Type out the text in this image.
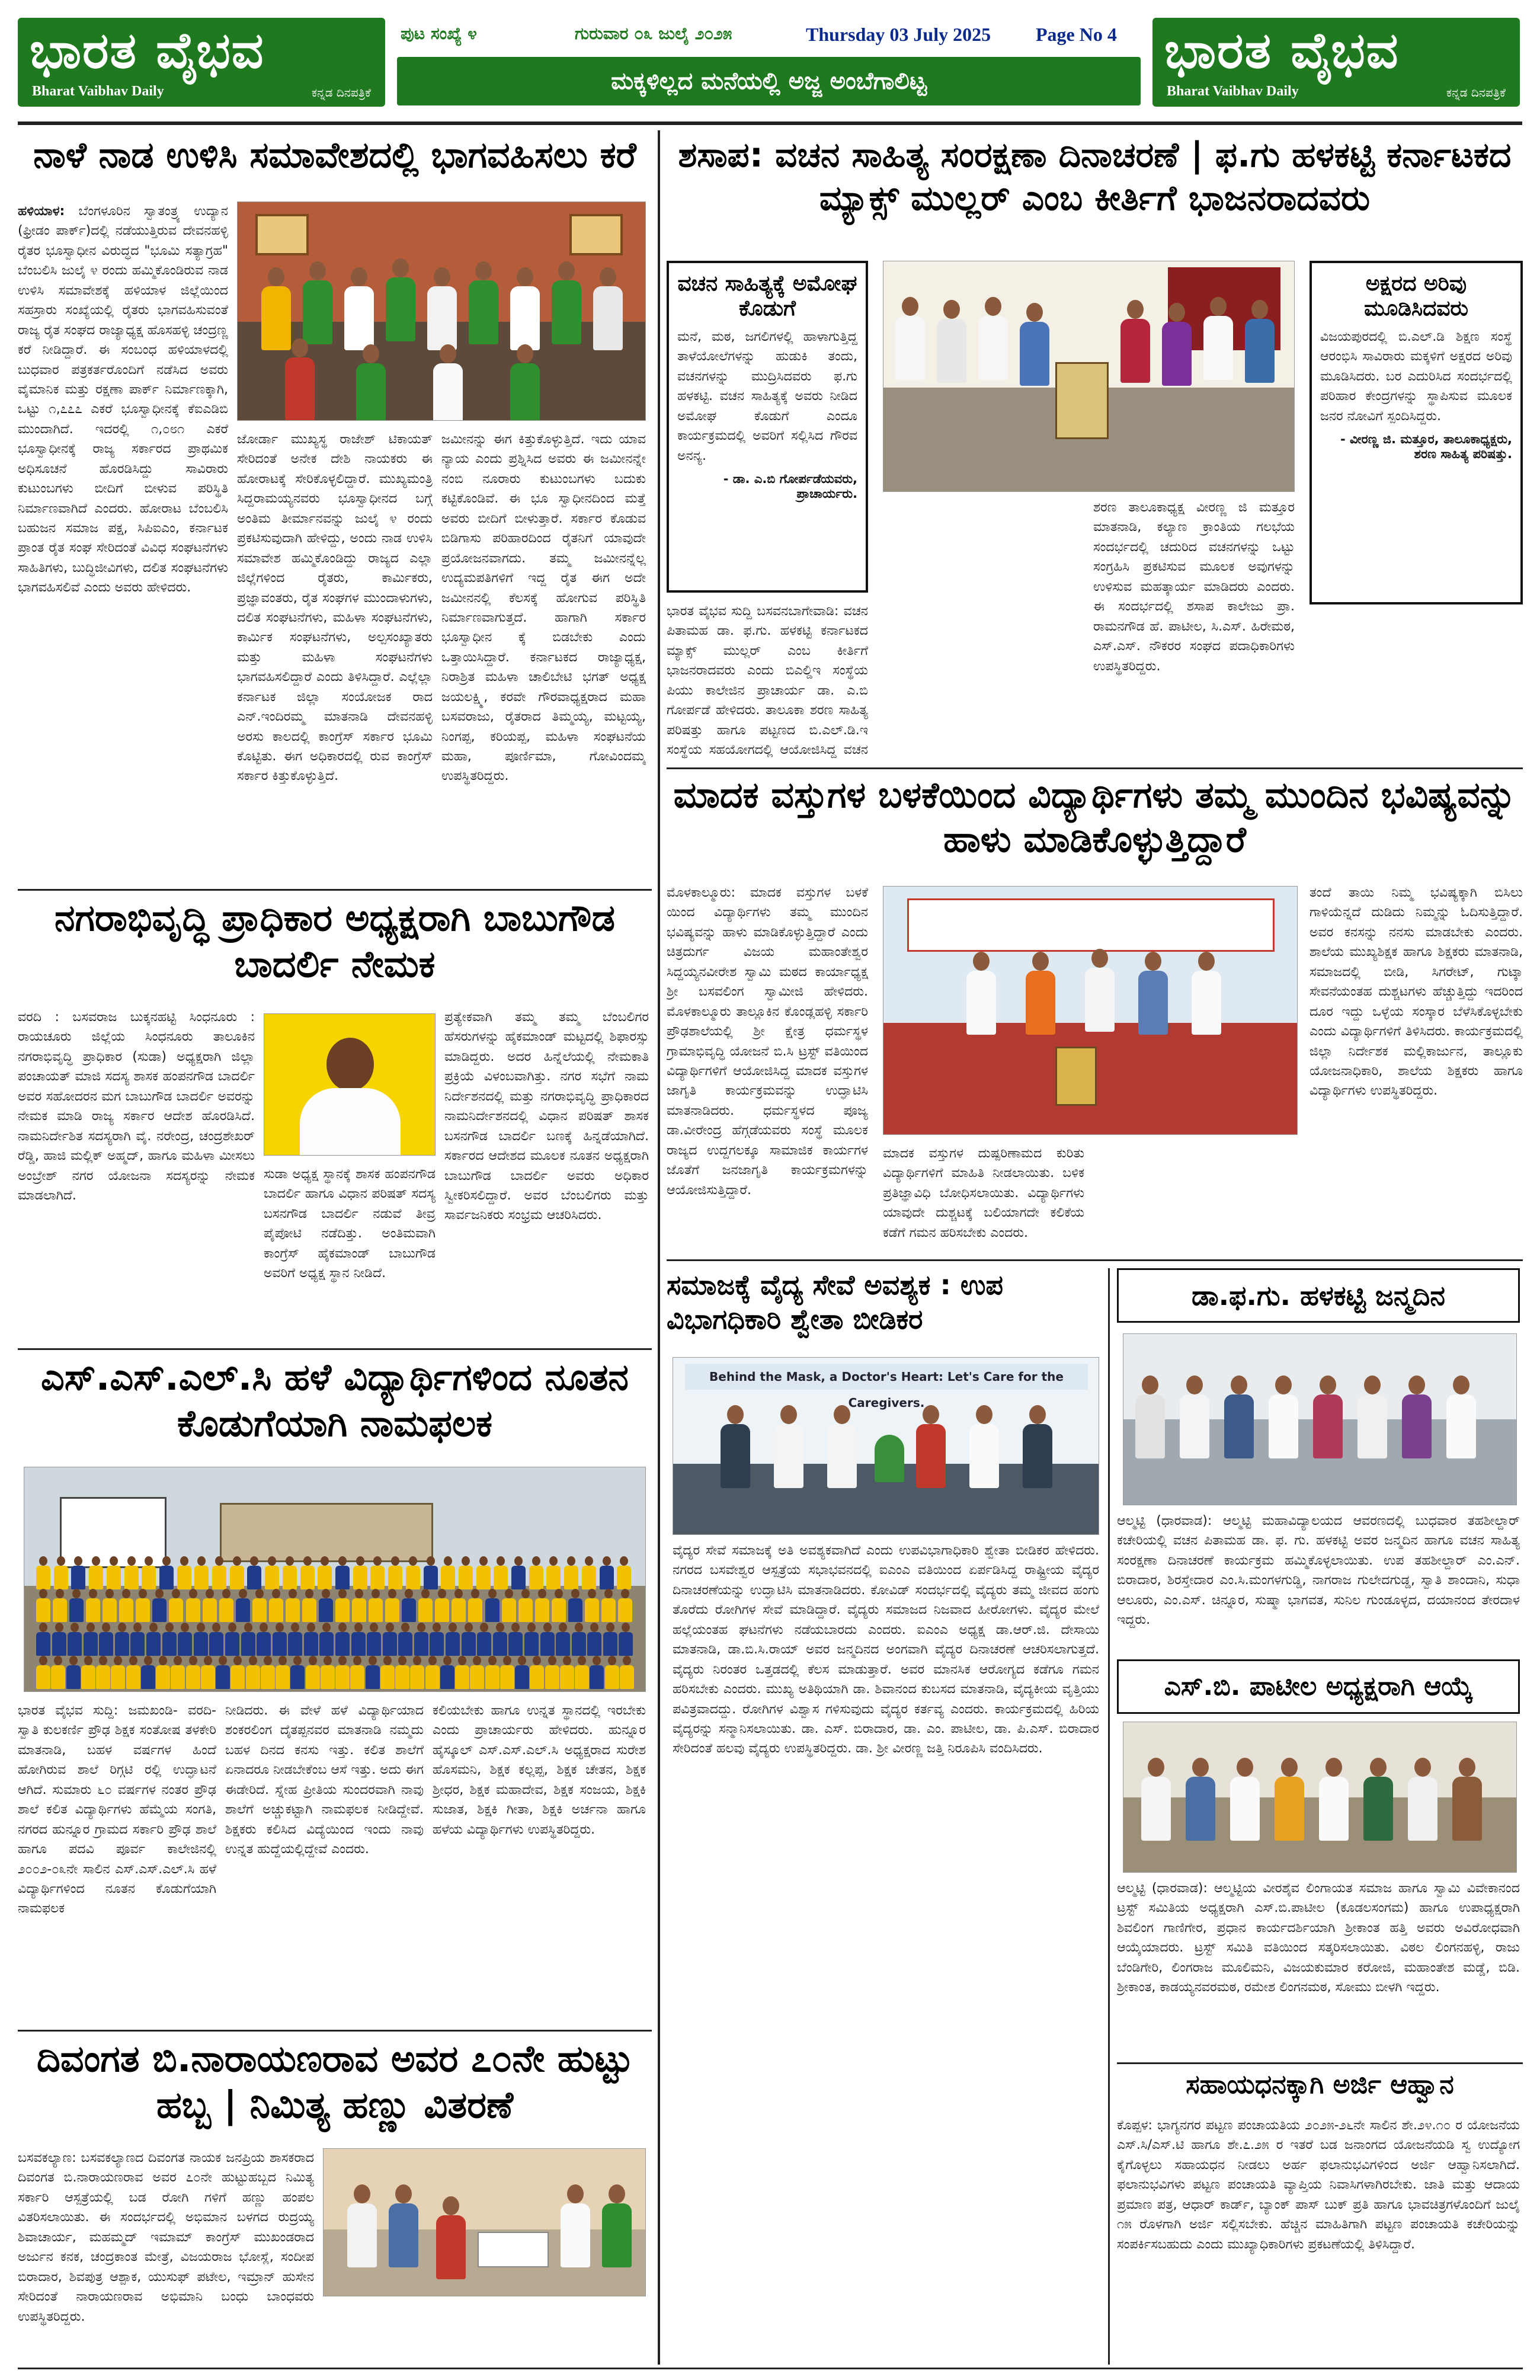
ಭಾರತ ವೈಭವ
Bharat Vaibhav Daily	ಕನ್ನಡ ದಿನಪತ್ರಿಕೆ
ಪುಟ ಸಂಖ್ಯೆ ೪	ಗುರುವಾರ ೦೩ ಜುಲೈ ೨೦೨೫	Thursday 03 July 2025 Page No 4
ಮಕ್ಕಳಿಲ್ಲದ ಮನೆಯಲ್ಲಿ ಅಜ್ಜ ಅಂಬೆಗಾಲಿಟ್ಟ
ಭಾರತ ವೈಭವ
Bharat Vaibhav Daily	ಕನ್ನಡ ದಿನಪತ್ರಿಕೆ
ನಾಳೆ ನಾಡ ಉಳಿಸಿ ಸಮಾವೇಶದಲ್ಲಿ ಭಾಗವಹಿಸಲು ಕರೆ
ಹಳಿಯಾಳ: ಬೆಂಗಳೂರಿನ ಸ್ವಾತಂತ್ರ್ಯ ಉದ್ಯಾನ (ಫ್ರೀಡಂ ಪಾರ್ಕ್)ದಲ್ಲಿ ನಡೆಯುತ್ತಿರುವ ದೇವನಹಳ್ಳಿ ರೈತರ ಭೂಸ್ವಾಧೀನ ವಿರುದ್ಧದ "ಭೂಮಿ ಸತ್ಯಾಗ್ರಹ" ಬೆಂಬಲಿಸಿ ಜುಲೈ ೪ ರಂದು ಹಮ್ಮಿಕೊಂಡಿರುವ ನಾಡ ಉಳಿಸಿ ಸಮಾವೇಶಕ್ಕೆ ಹಳಿಯಾಳ ಜಿಲ್ಲೆಯಿಂದ ಸಹಸ್ರಾರು ಸಂಖ್ಯೆಯಲ್ಲಿ ರೈತರು ಭಾಗವಹಿಸುವಂತೆ ರಾಜ್ಯ ರೈತ ಸಂಘದ ರಾಜ್ಯಾಧ್ಯಕ್ಷ ಹೊಸಹಳ್ಳಿ ಚಂದ್ರಣ್ಣ ಕರೆ ನೀಡಿದ್ದಾರೆ. ಈ ಸಂಬಂಧ ಹಳಿಯಾಳದಲ್ಲಿ ಬುಧವಾರ ಪತ್ರಕರ್ತರೊಂದಿಗೆ ನಡೆಸಿದ ಅವರು ವೈಮಾನಿಕ ಮತ್ತು ರಕ್ಷಣಾ ಪಾರ್ಕ್ ನಿರ್ಮಾಣಕ್ಕಾಗಿ, ಒಟ್ಟು ೧,೭೭೭ ಎಕರೆ ಭೂಸ್ವಾಧೀನಕ್ಕೆ ಕೆಐಎಡಿಬಿ ಮುಂದಾಗಿದೆ. ಇದರಲ್ಲಿ ೧,೦೮೧ ಎಕರೆ ಭೂಸ್ವಾಧೀನಕ್ಕೆ ರಾಜ್ಯ ಸರ್ಕಾರದ ಪ್ರಾಥಮಿಕ ಅಧಿಸೂಚನೆ ಹೊರಡಿಸಿದ್ದು ಸಾವಿರಾರು ಕುಟುಂಬಗಳು ಬೀದಿಗೆ ಬೀಳುವ ಪರಿಸ್ಥಿತಿ ನಿರ್ಮಾಣವಾಗಿದೆ ಎಂದರು. ಹೋರಾಟ ಬೆಂಬಲಿಸಿ ಬಹುಜನ ಸಮಾಜ ಪಕ್ಷ, ಸಿಪಿಐಎಂ, ಕರ್ನಾಟಕ ಪ್ರಾಂತ ರೈತ ಸಂಘ ಸೇರಿದಂತೆ ವಿವಿಧ ಸಂಘಟನೆಗಳು ಸಾಹಿತಿಗಳು, ಬುದ್ಧಿಜೀವಿಗಳು, ದಲಿತ ಸಂಘಟನೆಗಳು ಭಾಗವಹಿಸಲಿವೆ ಎಂದು ಅವರು ಹೇಳಿದರು.
ಜೋರ್ಡಾ ಮುಖ್ಯಸ್ಥ ರಾಜೇಶ್ ಟಿಕಾಯತ್ ಸೇರಿದಂತೆ ಅನೇಕ ದೇಶಿ ನಾಯಕರು ಈ ಹೋರಾಟಕ್ಕೆ ಸೇರಿಕೊಳ್ಳಲಿದ್ದಾರೆ. ಮುಖ್ಯಮಂತ್ರಿ ಸಿದ್ದರಾಮಯ್ಯನವರು ಭೂಸ್ವಾಧೀನದ ಬಗ್ಗೆ ಅಂತಿಮ ತೀರ್ಮಾನವನ್ನು ಜುಲೈ ೪ ರಂದು ಪ್ರಕಟಿಸುವುದಾಗಿ ಹೇಳಿದ್ದು, ಅಂದು ನಾಡ ಉಳಿಸಿ ಸಮಾವೇಶ ಹಮ್ಮಿಕೊಂಡಿದ್ದು ರಾಜ್ಯದ ಎಲ್ಲಾ ಜಿಲ್ಲೆಗಳಿಂದ ರೈತರು, ಕಾರ್ಮಿಕರು, ಪ್ರಜ್ಞಾವಂತರು, ರೈತ ಸಂಘಗಳ ಮುಂದಾಳುಗಳು, ದಲಿತ ಸಂಘಟನೆಗಳು, ಮಹಿಳಾ ಸಂಘಟನೆಗಳು, ಕಾರ್ಮಿಕ ಸಂಘಟನೆಗಳು, ಅಲ್ಪಸಂಖ್ಯಾತರು ಮತ್ತು ಮಹಿಳಾ ಸಂಘಟನೆಗಳು ಭಾಗವಹಿಸಲಿದ್ದಾರೆ ಎಂದು ತಿಳಿಸಿದ್ದಾರೆ. ಎಲ್ಲೆಲ್ಲಾ ಕರ್ನಾಟಕ ಜಿಲ್ಲಾ ಸಂಯೋಜಕ ರಾದ ಎನ್.ಇಂದಿರಮ್ಮ ಮಾತನಾಡಿ ದೇವನಹಳ್ಳಿ ಅರಸು ಕಾಲದಲ್ಲಿ ಕಾಂಗ್ರೆಸ್ ಸರ್ಕಾರ ಭೂಮಿ ಕೊಟ್ಟಿತು. ಈಗ ಅಧಿಕಾರದಲ್ಲಿ ರುವ ಕಾಂಗ್ರೆಸ್ ಸರ್ಕಾರ ಕಿತ್ತುಕೊಳ್ಳುತ್ತಿದೆ.
ಜಮೀನನ್ನು ಈಗ ಕಿತ್ತುಕೊಳ್ಳುತ್ತಿದೆ. ಇದು ಯಾವ ನ್ಯಾಯ ಎಂದು ಪ್ರಶ್ನಿಸಿದ ಅವರು ಈ ಜಮೀನನ್ನೇ ನಂಬಿ ನೂರಾರು ಕುಟುಂಬಗಳು ಬದುಕು ಕಟ್ಟಿಕೊಂಡಿವೆ. ಈ ಭೂ ಸ್ವಾಧೀನದಿಂದ ಮತ್ತೆ ಅವರು ಬೀದಿಗೆ ಬೀಳುತ್ತಾರೆ. ಸರ್ಕಾರ ಕೊಡುವ ಬಿಡಿಗಾಸು ಪರಿಹಾರದಿಂದ ರೈತನಿಗೆ ಯಾವುದೇ ಪ್ರಯೋಜನವಾಗದು. ತಮ್ಮ ಜಮೀನನ್ನೆಲ್ಲ ಉದ್ಯಮಪತಿಗಳಿಗೆ ಇದ್ದ ರೈತ ಈಗ ಅದೇ ಜಮೀನನಲ್ಲಿ ಕೆಲಸಕ್ಕೆ ಹೋಗುವ ಪರಿಸ್ಥಿತಿ ನಿರ್ಮಾಣವಾಗುತ್ತದೆ. ಹಾಗಾಗಿ ಸರ್ಕಾರ ಭೂಸ್ವಾಧೀನ ಕ್ಕೆ ಬಿಡಬೇಕು ಎಂದು ಒತ್ತಾಯಿಸಿದ್ದಾರೆ. ಕರ್ನಾಟಕದ ರಾಜ್ಯಾಧ್ಯಕ್ಷ, ನಿರಾಶ್ರಿತ ಮಹಿಳಾ ಚಾಲಿಬೇಟಿ ಭಗತ್ ಅಧ್ಯಕ್ಷ ಜಯಲಕ್ಷ್ಮಿ, ಕರವೇ ಗೌರವಾಧ್ಯಕ್ಷರಾದ ಮಹಾ ಬಸವರಾಜು, ರೈತರಾದ ತಿಮ್ಮಯ್ಯ, ಮಟ್ಟಯ್ಯ, ನಿಂಗಪ್ಪ, ಕರಿಯಪ್ಪ, ಮಹಿಳಾ ಸಂಘಟನೆಯ ಮಹಾ, ಪೂರ್ಣಿಮಾ, ಗೋವಿಂದಮ್ಮ ಉಪಸ್ಥಿತರಿದ್ದರು.
ನಗರಾಭಿವೃದ್ಧಿ ಪ್ರಾಧಿಕಾರ ಅಧ್ಯಕ್ಷರಾಗಿ ಬಾಬುಗೌಡ ಬಾದರ್ಲಿ ನೇಮಕ
ವರದಿ : ಬಸವರಾಜ ಬುಕ್ಕನಹಟ್ಟಿ ಸಿಂಧನೂರು : ರಾಯಚೂರು ಜಿಲ್ಲೆಯ ಸಿಂಧನೂರು ತಾಲೂಕಿನ ನಗರಾಭಿವೃದ್ಧಿ ಪ್ರಾಧಿಕಾರ (ಸುಡಾ) ಅಧ್ಯಕ್ಷರಾಗಿ ಜಿಲ್ಲಾ ಪಂಚಾಯತ್ ಮಾಜಿ ಸದಸ್ಯ ಶಾಸಕ ಹಂಪನಗೌಡ ಬಾದರ್ಲಿ ಅವರ ಸಹೋದರನ ಮಗ ಬಾಬುಗೌಡ ಬಾದರ್ಲಿ ಅವರನ್ನು ನೇಮಕ ಮಾಡಿ ರಾಜ್ಯ ಸರ್ಕಾರ ಆದೇಶ ಹೊರಡಿಸಿದೆ. ನಾಮನಿರ್ದೇಶಿತ ಸದಸ್ಯರಾಗಿ ವೈ. ನರೇಂದ್ರ, ಚಂದ್ರಶೇಖರ್ ರೆಡ್ಡಿ, ಹಾಜಿ ಮಲ್ಲಿಕ್ ಅಹ್ಮದ್, ಹಾಗೂ ಮಹಿಳಾ ಮೀಸಲು ಅಂಬ್ರೇಶ್ ನಗರ ಯೋಜನಾ ಸದಸ್ಯರನ್ನು ನೇಮಕ ಮಾಡಲಾಗಿದೆ.
ಸುಡಾ ಅಧ್ಯಕ್ಷ ಸ್ಥಾನಕ್ಕೆ ಶಾಸಕ ಹಂಪನಗೌಡ ಬಾದರ್ಲಿ ಹಾಗೂ ವಿಧಾನ ಪರಿಷತ್ ಸದಸ್ಯ ಬಸನಗೌಡ ಬಾದರ್ಲಿ ನಡುವೆ ತೀವ್ರ ಪೈಪೋಟಿ ನಡೆದಿತ್ತು. ಅಂತಿಮವಾಗಿ ಕಾಂಗ್ರೆಸ್ ಹೈಕಮಾಂಡ್ ಬಾಬುಗೌಡ ಅವರಿಗೆ ಅಧ್ಯಕ್ಷ ಸ್ಥಾನ ನೀಡಿದೆ.
ಪ್ರತ್ಯೇಕವಾಗಿ ತಮ್ಮ ತಮ್ಮ ಬೆಂಬಲಿಗರ ಹೆಸರುಗಳನ್ನು ಹೈಕಮಾಂಡ್ ಮಟ್ಟದಲ್ಲಿ ಶಿಫಾರಸ್ಸು ಮಾಡಿದ್ದರು. ಅದರ ಹಿನ್ನೆಲೆಯಲ್ಲಿ ನೇಮಕಾತಿ ಪ್ರಕ್ರಿಯೆ ವಿಳಂಬವಾಗಿತ್ತು. ನಗರ ಸಭೆಗೆ ನಾಮ ನಿರ್ದೇಶನದಲ್ಲಿ ಮತ್ತು ನಗರಾಭಿವೃದ್ಧಿ ಪ್ರಾಧಿಕಾರದ ನಾಮನಿರ್ದೇಶನದಲ್ಲಿ ವಿಧಾನ ಪರಿಷತ್ ಶಾಸಕ ಬಸನಗೌಡ ಬಾದರ್ಲಿ ಬಣಕ್ಕೆ ಹಿನ್ನಡೆಯಾಗಿದೆ. ಸರ್ಕಾರದ ಆದೇಶದ ಮೂಲಕ ನೂತನ ಅಧ್ಯಕ್ಷರಾಗಿ ಬಾಬುಗೌಡ ಬಾದರ್ಲಿ ಅವರು ಅಧಿಕಾರ ಸ್ವೀಕರಿಸಲಿದ್ದಾರೆ. ಅವರ ಬೆಂಬಲಿಗರು ಮತ್ತು ಸಾರ್ವಜನಿಕರು ಸಂಭ್ರಮ ಆಚರಿಸಿದರು.
ಎಸ್.ಎಸ್.ಎಲ್.ಸಿ ಹಳೆ ವಿದ್ಯಾರ್ಥಿಗಳಿಂದ ನೂತನ ಕೊಡುಗೆಯಾಗಿ ನಾಮಫಲಕ
ಭಾರತ ವೈಭವ ಸುದ್ದಿ: ಜಮಖಂಡಿ- ವರದಿ- ಸ್ವಾತಿ ಕುಲಕರ್ಣಿ ಪ್ರೌಢ ಶಿಕ್ಷಕ ಸಂತೋಷ ತಳಕೇರಿ ಮಾತನಾಡಿ, ಬಹಳ ವರ್ಷಗಳ ಹಿಂದೆ ಹೋಗಿರುವ ಶಾಲೆ ರಿಗ್ಗಟಿ ರಲ್ಲಿ ಉದ್ಘಾಟನೆ ಆಗಿದೆ. ಸುಮಾರು ೬೦ ವರ್ಷಗಳ ನಂತರ ಪ್ರೌಢ ಶಾಲೆ ಕಲಿತ ವಿದ್ಯಾರ್ಥಿಗಳು ಹೆಮ್ಮೆಯ ಸಂಗತಿ, ನಗರದ ಹುನ್ನೂರ ಗ್ರಾಮದ ಸರ್ಕಾರಿ ಪ್ರೌಢ ಶಾಲೆ ಹಾಗೂ ಪದವಿ ಪೂರ್ವ ಕಾಲೇಜಿನಲ್ಲಿ ೨೦೦೨-೦೩ನೇ ಸಾಲಿನ ಎಸ್.ಎಸ್.ಎಲ್.ಸಿ ಹಳೆ ವಿದ್ಯಾರ್ಥಿಗಳಿಂದ ನೂತನ ಕೊಡುಗೆಯಾಗಿ ನಾಮಫಲಕ
ನೀಡಿದರು. ಈ ವೇಳೆ ಹಳೆ ವಿದ್ಯಾರ್ಥಿಯಾದ ಶಂಕರಲಿಂಗ ದೈತಪ್ಪನವರ ಮಾತನಾಡಿ ನಮ್ಮದು ಬಹಳ ದಿನದ ಕನಸು ಇತ್ತು. ಕಲಿತ ಶಾಲೆಗೆ ಏನಾದರೂ ನೀಡಬೇಕೆಂಬ ಆಸೆ ಇತ್ತು. ಅದು ಈಗ ಈಡೇರಿದೆ. ಸ್ನೇಹ ಪ್ರೀತಿಯ ಸುಂದರವಾಗಿ ನಾವು ಶಾಲೆಗೆ ಅಚ್ಚುಕಟ್ಟಾಗಿ ನಾಮಫಲಕ ನೀಡಿದ್ದೇವೆ. ಶಿಕ್ಷಕರು ಕಲಿಸಿದ ವಿದ್ಯೆಯಿಂದ ಇಂದು ನಾವು ಉನ್ನತ ಹುದ್ದೆಯಲ್ಲಿದ್ದೇವೆ ಎಂದರು.
ಕಲಿಯಬೇಕು ಹಾಗೂ ಉನ್ನತ ಸ್ಥಾನದಲ್ಲಿ ಇರಬೇಕು ಎಂದು ಪ್ರಾಚಾರ್ಯರು ಹೇಳಿದರು. ಹುನ್ನೂರ ಹೈಸ್ಕೂಲ್ ಎಸ್.ಎಸ್.ಎಲ್.ಸಿ ಅಧ್ಯಕ್ಷರಾದ ಸುರೇಶ ಹೊಸಮನಿ, ಶಿಕ್ಷಕ ಕಲ್ಲಪ್ಪ, ಶಿಕ್ಷಕ ಚೇತನ, ಶಿಕ್ಷಕ ಶ್ರೀಧರ, ಶಿಕ್ಷಕ ಮಹಾದೇವ, ಶಿಕ್ಷಕ ಸಂಜಯ, ಶಿಕ್ಷಕಿ ಸುಜಾತ, ಶಿಕ್ಷಕಿ ಗೀತಾ, ಶಿಕ್ಷಕಿ ಅರ್ಚನಾ ಹಾಗೂ ಹಳೆಯ ವಿದ್ಯಾರ್ಥಿಗಳು ಉಪಸ್ಥಿತರಿದ್ದರು.
ದಿವಂಗತ ಬಿ.ನಾರಾಯಣರಾವ ಅವರ ೭೦ನೇ ಹುಟ್ಟು ಹಬ್ಬ | ನಿಮಿತ್ಯ ಹಣ್ಣು ವಿತರಣೆ
ಬಸವಕಲ್ಯಾಣ: ಬಸವಕಲ್ಯಾಣದ ದಿವಂಗತ ನಾಯಕ ಜನಪ್ರಿಯ ಶಾಸಕರಾದ ದಿವಂಗತ ಬಿ.ನಾರಾಯಣರಾವ ಅವರ ೭೦ನೇ ಹುಟ್ಟುಹಬ್ಬದ ನಿಮಿತ್ಯ ಸರ್ಕಾರಿ ಆಸ್ಪತ್ರೆಯಲ್ಲಿ ಬಡ ರೋಗಿ ಗಳಿಗೆ ಹಣ್ಣು ಹಂಪಲ ವಿತರಿಸಲಾಯಿತು. ಈ ಸಂದರ್ಭದಲ್ಲಿ ಅಭಿಮಾನ ಬಳಗದ ರುದ್ರಯ್ಯ ಶಿವಾಚಾರ್ಯ, ಮಹಮ್ಮದ್ ಇಮಾಮ್ ಕಾಂಗ್ರೆಸ್ ಮುಖಂಡರಾದ ಅರ್ಜುನ ಕನಕ, ಚಂದ್ರಕಾಂತ ಮೇತ್ರೆ, ವಿಜಯರಾಜ ಭೋಸ್ಲೆ, ಸಂದೀಪ ಬಿರಾದಾರ, ಶಿವಪುತ್ರ ಆಶ್ಪಾಕ, ಯುಸುಫ್ ಪಟೇಲ, ಇಮ್ರಾನ್ ಹುಸೇನ ಸೇರಿದಂತೆ ನಾರಾಯಣರಾವ ಅಭಿಮಾನಿ ಬಂಧು ಬಾಂಧವರು ಉಪಸ್ಥಿತರಿದ್ದರು.
ಶಸಾಪ: ವಚನ ಸಾಹಿತ್ಯ ಸಂರಕ್ಷಣಾ ದಿನಾಚರಣೆ | ಫ.ಗು ಹಳಕಟ್ಟಿ ಕರ್ನಾಟಕದ ಮ್ಯಾಕ್ಸ್ ಮುಲ್ಲರ್ ಎಂಬ ಕೀರ್ತಿಗೆ ಭಾಜನರಾದವರು
ವಚನ ಸಾಹಿತ್ಯಕ್ಕೆ ಅಮೋಘ ಕೊಡುಗೆ
ಮನೆ, ಮಠ, ಜಗಲಿಗಳಲ್ಲಿ ಹಾಳಾಗುತ್ತಿದ್ದ ತಾಳೆಯೋಲೆಗಳನ್ನು ಹುಡುಕಿ ತಂದು, ವಚನಗಳನ್ನು ಮುದ್ರಿಸಿದವರು ಫ.ಗು ಹಳಕಟ್ಟಿ. ವಚನ ಸಾಹಿತ್ಯಕ್ಕೆ ಅವರು ನೀಡಿದ ಅಮೋಘ ಕೊಡುಗೆ ಎಂದೂ ಕಾರ್ಯಕ್ರಮದಲ್ಲಿ ಅವರಿಗೆ ಸಲ್ಲಿಸಿದ ಗೌರವ ಅನನ್ಯ.
- ಡಾ. ಎ.ಬಿ ಗೋರ್ಪಡೆಯವರು, ಪ್ರಾಚಾರ್ಯರು.
ಅಕ್ಷರದ ಅರಿವು ಮೂಡಿಸಿದವರು
ವಿಜಯಪುರದಲ್ಲಿ ಬಿ.ಎಲ್.ಡಿ ಶಿಕ್ಷಣ ಸಂಸ್ಥೆ ಆರಂಭಿಸಿ ಸಾವಿರಾರು ಮಕ್ಕಳಿಗೆ ಅಕ್ಷರದ ಅರಿವು ಮೂಡಿಸಿದರು. ಬರ ಎದುರಿಸಿದ ಸಂದರ್ಭದಲ್ಲಿ ಪರಿಹಾರ ಕೇಂದ್ರಗಳನ್ನು ಸ್ಥಾಪಿಸುವ ಮೂಲಕ ಜನರ ನೋವಿಗೆ ಸ್ಪಂದಿಸಿದ್ದರು.
- ವೀರಣ್ಣ ಜಿ. ಮತ್ತೂರ, ತಾಲೂಕಾಧ್ಯಕ್ಷರು, ಶರಣ ಸಾಹಿತ್ಯ ಪರಿಷತ್ತು.
ಭಾರತ ವೈಭವ ಸುದ್ದಿ ಬಸವನಬಾಗೇವಾಡಿ: ವಚನ ಪಿತಾಮಹ ಡಾ. ಫ.ಗು. ಹಳಕಟ್ಟಿ ಕರ್ನಾಟಕದ ಮ್ಯಾಕ್ಸ್ ಮುಲ್ಲರ್ ಎಂಬ ಕೀರ್ತಿಗೆ ಭಾಜನರಾದವರು ಎಂದು ಬಿಎಲ್ಡಿಇ ಸಂಸ್ಥೆಯ ಪಿಯು ಕಾಲೇಜಿನ ಪ್ರಾಚಾರ್ಯ ಡಾ. ಎ.ಬಿ ಗೋರ್ಪಡೆ ಹೇಳಿದರು. ತಾಲೂಕಾ ಶರಣ ಸಾಹಿತ್ಯ ಪರಿಷತ್ತು ಹಾಗೂ ಪಟ್ಟಣದ ಬಿ.ಎಲ್.ಡಿ.ಇ ಸಂಸ್ಥೆಯ ಸಹಯೋಗದಲ್ಲಿ ಆಯೋಜಿಸಿದ್ದ ವಚನ
ಶರಣ ತಾಲೂಕಾಧ್ಯಕ್ಷ ವೀರಣ್ಣ ಜಿ ಮತ್ತೂರ ಮಾತನಾಡಿ, ಕಲ್ಯಾಣ ಕ್ರಾಂತಿಯ ಗಲಭೆಯ ಸಂದರ್ಭದಲ್ಲಿ ಚದುರಿದ ವಚನಗಳನ್ನು ಒಟ್ಟು ಸಂಗ್ರಹಿಸಿ ಪ್ರಕಟಿಸುವ ಮೂಲಕ ಅವುಗಳನ್ನು ಉಳಿಸುವ ಮಹತ್ಕಾರ್ಯ ಮಾಡಿದರು ಎಂದರು. ಈ ಸಂದರ್ಭದಲ್ಲಿ ಶಸಾಪ ಕಾಲೇಜು ಪ್ರಾ. ರಾಮನಗೌಡ ಹೆ. ಪಾಟೀಲ, ಸಿ.ಎಸ್. ಹಿರೇಮಠ, ಎಸ್.ಎಸ್. ನೌಕರರ ಸಂಘದ ಪದಾಧಿಕಾರಿಗಳು ಉಪಸ್ಥಿತರಿದ್ದರು.
ಮಾದಕ ವಸ್ತುಗಳ ಬಳಕೆಯಿಂದ ವಿದ್ಯಾರ್ಥಿಗಳು ತಮ್ಮ ಮುಂದಿನ ಭವಿಷ್ಯವನ್ನು ಹಾಳು ಮಾಡಿಕೊಳ್ಳುತ್ತಿದ್ದಾರೆ
ಮೊಳಕಾಲ್ಮೂರು: ಮಾದಕ ವಸ್ತುಗಳ ಬಳಕೆ ಯಿಂದ ವಿದ್ಯಾರ್ಥಿಗಳು ತಮ್ಮ ಮುಂದಿನ ಭವಿಷ್ಯವನ್ನು ಹಾಳು ಮಾಡಿಕೊಳ್ಳುತ್ತಿದ್ದಾರೆ ಎಂದು ಚಿತ್ರದುರ್ಗ ವಿಜಯ ಮಹಾಂತೇಶ್ವರ ಸಿದ್ದಯ್ಯನವೀರೇಶ ಸ್ವಾಮಿ ಮಠದ ಕಾರ್ಯಾಧ್ಯಕ್ಷ ಶ್ರೀ ಬಸವಲಿಂಗ ಸ್ವಾಮೀಜಿ ಹೇಳಿದರು. ಮೊಳಕಾಲ್ಮೂರು ತಾಲ್ಲೂಕಿನ ಕೊಂಡ್ಲಹಳ್ಳಿ ಸರ್ಕಾರಿ ಪ್ರೌಢಶಾಲೆಯಲ್ಲಿ ಶ್ರೀ ಕ್ಷೇತ್ರ ಧರ್ಮಸ್ಥಳ ಗ್ರಾಮಾಭಿವೃದ್ಧಿ ಯೋಜನೆ ಬಿ.ಸಿ ಟ್ರಸ್ಟ್ ವತಿಯಿಂದ ವಿದ್ಯಾರ್ಥಿಗಳಿಗೆ ಆಯೋಜಿಸಿದ್ದ ಮಾದಕ ವಸ್ತುಗಳ ಜಾಗೃತಿ ಕಾರ್ಯಕ್ರಮವನ್ನು ಉದ್ಘಾಟಿಸಿ ಮಾತನಾಡಿದರು. ಧರ್ಮಸ್ಥಳದ ಪೂಜ್ಯ ಡಾ.ವೀರೇಂದ್ರ ಹೆಗ್ಗಡೆಯವರು ಸಂಸ್ಥೆ ಮೂಲಕ ರಾಜ್ಯದ ಉದ್ದಗಲಕ್ಕೂ ಸಾಮಾಜಿಕ ಕಾರ್ಯಗಳ ಜೊತೆಗೆ ಜನಜಾಗೃತಿ ಕಾರ್ಯಕ್ರಮಗಳನ್ನು ಆಯೋಜಿಸುತ್ತಿದ್ದಾರೆ.
ಮಾದಕ ವಸ್ತುಗಳ ದುಷ್ಪರಿಣಾಮದ ಕುರಿತು ವಿದ್ಯಾರ್ಥಿಗಳಿಗೆ ಮಾಹಿತಿ ನೀಡಲಾಯಿತು. ಬಳಿಕ ಪ್ರತಿಜ್ಞಾವಿಧಿ ಬೋಧಿಸಲಾಯಿತು. ವಿದ್ಯಾರ್ಥಿಗಳು ಯಾವುದೇ ದುಶ್ಚಟಕ್ಕೆ ಬಲಿಯಾಗದೇ ಕಲಿಕೆಯ ಕಡೆಗೆ ಗಮನ ಹರಿಸಬೇಕು ಎಂದರು.
ತಂದೆ ತಾಯಿ ನಿಮ್ಮ ಭವಿಷ್ಯಕ್ಕಾಗಿ ಬಿಸಿಲು ಗಾಳಿಯೆನ್ನದೆ ದುಡಿದು ನಿಮ್ಮನ್ನು ಓದಿಸುತ್ತಿದ್ದಾರೆ. ಅವರ ಕನಸನ್ನು ನನಸು ಮಾಡಬೇಕು ಎಂದರು. ಶಾಲೆಯ ಮುಖ್ಯಶಿಕ್ಷಕ ಹಾಗೂ ಶಿಕ್ಷಕರು ಮಾತನಾಡಿ, ಸಮಾಜದಲ್ಲಿ ಬೀಡಿ, ಸಿಗರೇಟ್, ಗುಟ್ಕಾ ಸೇವನೆಯಂತಹ ದುಶ್ಚಟಗಳು ಹೆಚ್ಚುತ್ತಿದ್ದು ಇದರಿಂದ ದೂರ ಇದ್ದು ಒಳ್ಳೆಯ ಸಂಸ್ಕಾರ ಬೆಳೆಸಿಕೊಳ್ಳಬೇಕು ಎಂದು ವಿದ್ಯಾರ್ಥಿಗಳಿಗೆ ತಿಳಿಸಿದರು. ಕಾರ್ಯಕ್ರಮದಲ್ಲಿ ಜಿಲ್ಲಾ ನಿರ್ದೇಶಕ ಮಲ್ಲಿಕಾರ್ಜುನ, ತಾಲ್ಲೂಕು ಯೋಜನಾಧಿಕಾರಿ, ಶಾಲೆಯ ಶಿಕ್ಷಕರು ಹಾಗೂ ವಿದ್ಯಾರ್ಥಿಗಳು ಉಪಸ್ಥಿತರಿದ್ದರು.
ಸಮಾಜಕ್ಕೆ ವೈದ್ಯ ಸೇವೆ ಅವಶ್ಯಕ : ಉಪ ವಿಭಾಗಧಿಕಾರಿ ಶ್ವೇತಾ ಬೀಡಿಕರ
Behind the Mask, a Doctor's Heart: Let's Care for the Caregivers.
ವೈದ್ಯರ ಸೇವೆ ಸಮಾಜಕ್ಕೆ ಅತಿ ಅವಶ್ಯಕವಾಗಿದೆ ಎಂದು ಉಪವಿಭಾಗಾಧಿಕಾರಿ ಶ್ವೇತಾ ಬೀಡಿಕರ ಹೇಳಿದರು. ನಗರದ ಬಸವೇಶ್ವರ ಆಸ್ಪತ್ರೆಯ ಸಭಾಭವನದಲ್ಲಿ ಐಎಂಎ ವತಿಯಿಂದ ಏರ್ಪಡಿಸಿದ್ದ ರಾಷ್ಟ್ರೀಯ ವೈದ್ಯರ ದಿನಾಚರಣೆಯನ್ನು ಉದ್ಘಾಟಿಸಿ ಮಾತನಾಡಿದರು. ಕೋವಿಡ್ ಸಂದರ್ಭದಲ್ಲಿ ವೈದ್ಯರು ತಮ್ಮ ಜೀವದ ಹಂಗು ತೊರೆದು ರೋಗಿಗಳ ಸೇವೆ ಮಾಡಿದ್ದಾರೆ. ವೈದ್ಯರು ಸಮಾಜದ ನಿಜವಾದ ಹೀರೋಗಳು. ವೈದ್ಯರ ಮೇಲೆ ಹಲ್ಲೆಯಂತಹ ಘಟನೆಗಳು ನಡೆಯಬಾರದು ಎಂದರು. ಐಎಂಎ ಅಧ್ಯಕ್ಷ ಡಾ.ಆರ್.ಜಿ. ದೇಸಾಯಿ ಮಾತನಾಡಿ, ಡಾ.ಬಿ.ಸಿ.ರಾಯ್ ಅವರ ಜನ್ಮದಿನದ ಅಂಗವಾಗಿ ವೈದ್ಯರ ದಿನಾಚರಣೆ ಆಚರಿಸಲಾಗುತ್ತದೆ. ವೈದ್ಯರು ನಿರಂತರ ಒತ್ತಡದಲ್ಲಿ ಕೆಲಸ ಮಾಡುತ್ತಾರೆ. ಅವರ ಮಾನಸಿಕ ಆರೋಗ್ಯದ ಕಡೆಗೂ ಗಮನ ಹರಿಸಬೇಕು ಎಂದರು. ಮುಖ್ಯ ಅತಿಥಿಯಾಗಿ ಡಾ. ಶಿವಾನಂದ ಕುಬಸದ ಮಾತನಾಡಿ, ವೈದ್ಯಕೀಯ ವೃತ್ತಿಯು ಪವಿತ್ರವಾದದ್ದು. ರೋಗಿಗಳ ವಿಶ್ವಾಸ ಗಳಿಸುವುದು ವೈದ್ಯರ ಕರ್ತವ್ಯ ಎಂದರು. ಕಾರ್ಯಕ್ರಮದಲ್ಲಿ ಹಿರಿಯ ವೈದ್ಯರನ್ನು ಸನ್ಮಾನಿಸಲಾಯಿತು. ಡಾ. ಎಸ್. ಬಿರಾದಾರ, ಡಾ. ಎಂ. ಪಾಟೀಲ, ಡಾ. ಪಿ.ಎಸ್. ಬಿರಾದಾರ ಸೇರಿದಂತೆ ಹಲವು ವೈದ್ಯರು ಉಪಸ್ಥಿತರಿದ್ದರು. ಡಾ. ಶ್ರೀ ವೀರಣ್ಣ ಜತ್ತಿ ನಿರೂಪಿಸಿ ವಂದಿಸಿದರು.
ಡಾ.ಫ.ಗು. ಹಳಕಟ್ಟಿ ಜನ್ಮದಿನ
ಆಲ್ಮಟ್ಟಿ (ಧಾರವಾಡ): ಆಲ್ಮಟ್ಟಿ ಮಹಾವಿದ್ಯಾಲಯದ ಆವರಣದಲ್ಲಿ ಬುಧವಾರ ತಹಶೀಲ್ದಾರ್ ಕಚೇರಿಯಲ್ಲಿ ವಚನ ಪಿತಾಮಹ ಡಾ. ಫ. ಗು. ಹಳಕಟ್ಟಿ ಅವರ ಜನ್ಮದಿನ ಹಾಗೂ ವಚನ ಸಾಹಿತ್ಯ ಸಂರಕ್ಷಣಾ ದಿನಾಚರಣೆ ಕಾರ್ಯಕ್ರಮ ಹಮ್ಮಿಕೊಳ್ಳಲಾಯಿತು. ಉಪ ತಹಶೀಲ್ದಾರ್ ಎಂ.ಎನ್. ಬಿರಾದಾರ, ಶಿರಸ್ತೇದಾರ ಎಂ.ಸಿ.ಮಂಗಳಗುಡ್ಡಿ, ನಾಗರಾಜ ಗುಲೇದಗುಡ್ಡ, ಸ್ವಾತಿ ಶಾಂದಾನಿ, ಸುಧಾ ಆಲೂರು, ಎಂ.ಎಸ್. ಚಿನ್ನೂರ, ಸುಷ್ಮಾ ಭಾಗವತ, ಸುನಿಲ ಗುಂಡೂಳ್ಳದ, ದಯಾನಂದ ತೇರದಾಳ ಇದ್ದರು.
ಎಸ್.ಬಿ. ಪಾಟೀಲ ಅಧ್ಯಕ್ಷರಾಗಿ ಆಯ್ಕೆ
ಆಲ್ಮಟ್ಟಿ (ಧಾರವಾಡ): ಆಲ್ಮಟ್ಟಿಯ ವೀರಶೈವ ಲಿಂಗಾಯತ ಸಮಾಜ ಹಾಗೂ ಸ್ವಾಮಿ ವಿವೇಕಾನಂದ ಟ್ರಸ್ಟ್ ಸಮಿತಿಯ ಅಧ್ಯಕ್ಷರಾಗಿ ಎಸ್.ಬಿ.ಪಾಟೀಲ (ಕೂಡಲಸಂಗಮ) ಹಾಗೂ ಉಪಾಧ್ಯಕ್ಷರಾಗಿ ಶಿವಲಿಂಗ ಗಾಣಿಗೇರ, ಪ್ರಧಾನ ಕಾರ್ಯದರ್ಶಿಯಾಗಿ ಶ್ರೀಕಾಂತ ಹತ್ತಿ ಅವರು ಅವಿರೋಧವಾಗಿ ಆಯ್ಕೆಯಾದರು. ಟ್ರಸ್ಟ್ ಸಮಿತಿ ವತಿಯಿಂದ ಸತ್ಕರಿಸಲಾಯಿತು. ವಿಠಲ ಲಿಂಗನಹಳ್ಳಿ, ರಾಜು ಬೆಂಡಿಗೇರಿ, ಲಿಂಗರಾಜ ಮೂಲಿಮನಿ, ವಿಜಯಕುಮಾರ ಕರೋಜಿ, ಮಹಾಂತೇಶ ಮಡ್ಡೆ, ಬಿಡಿ. ಶ್ರೀಕಾಂತ, ಕಾಡಯ್ಯನವರಮಠ, ರಮೇಶ ಲಿಂಗನಮಠ, ಸೋಮು ಬೀಳಗಿ ಇದ್ದರು.
ಸಹಾಯಧನಕ್ಕಾಗಿ ಅರ್ಜಿ ಆಹ್ವಾನ
ಕೊಪ್ಪಳ: ಭಾಗ್ಯನಗರ ಪಟ್ಟಣ ಪಂಚಾಯತಿಯ ೨೦೨೫-೨೬ನೇ ಸಾಲಿನ ಶೇ.೨೪.೧೦ ರ ಯೋಜನೆಯ ಎಸ್.ಸಿ/ಎಸ್.ಟಿ ಹಾಗೂ ಶೇ.೭.೨೫ ರ ಇತರೆ ಬಡ ಜನಾಂಗದ ಯೋಜನೆಯಡಿ ಸ್ವ ಉದ್ಯೋಗ ಕೈಗೊಳ್ಳಲು ಸಹಾಯಧನ ನೀಡಲು ಅರ್ಹ ಫಲಾನುಭವಿಗಳಿಂದ ಅರ್ಜಿ ಆಹ್ವಾನಿಸಲಾಗಿದೆ. ಫಲಾನುಭವಿಗಳು ಪಟ್ಟಣ ಪಂಚಾಯತಿ ವ್ಯಾಪ್ತಿಯ ನಿವಾಸಿಗಳಾಗಿರಬೇಕು. ಜಾತಿ ಮತ್ತು ಆದಾಯ ಪ್ರಮಾಣ ಪತ್ರ, ಆಧಾರ್ ಕಾರ್ಡ್, ಬ್ಯಾಂಕ್ ಪಾಸ್ ಬುಕ್ ಪ್ರತಿ ಹಾಗೂ ಭಾವಚಿತ್ರಗಳೊಂದಿಗೆ ಜುಲೈ ೧೫ ರೊಳಗಾಗಿ ಅರ್ಜಿ ಸಲ್ಲಿಸಬೇಕು. ಹೆಚ್ಚಿನ ಮಾಹಿತಿಗಾಗಿ ಪಟ್ಟಣ ಪಂಚಾಯತಿ ಕಚೇರಿಯನ್ನು ಸಂಪರ್ಕಿಸಬಹುದು ಎಂದು ಮುಖ್ಯಾಧಿಕಾರಿಗಳು ಪ್ರಕಟಣೆಯಲ್ಲಿ ತಿಳಿಸಿದ್ದಾರೆ.
